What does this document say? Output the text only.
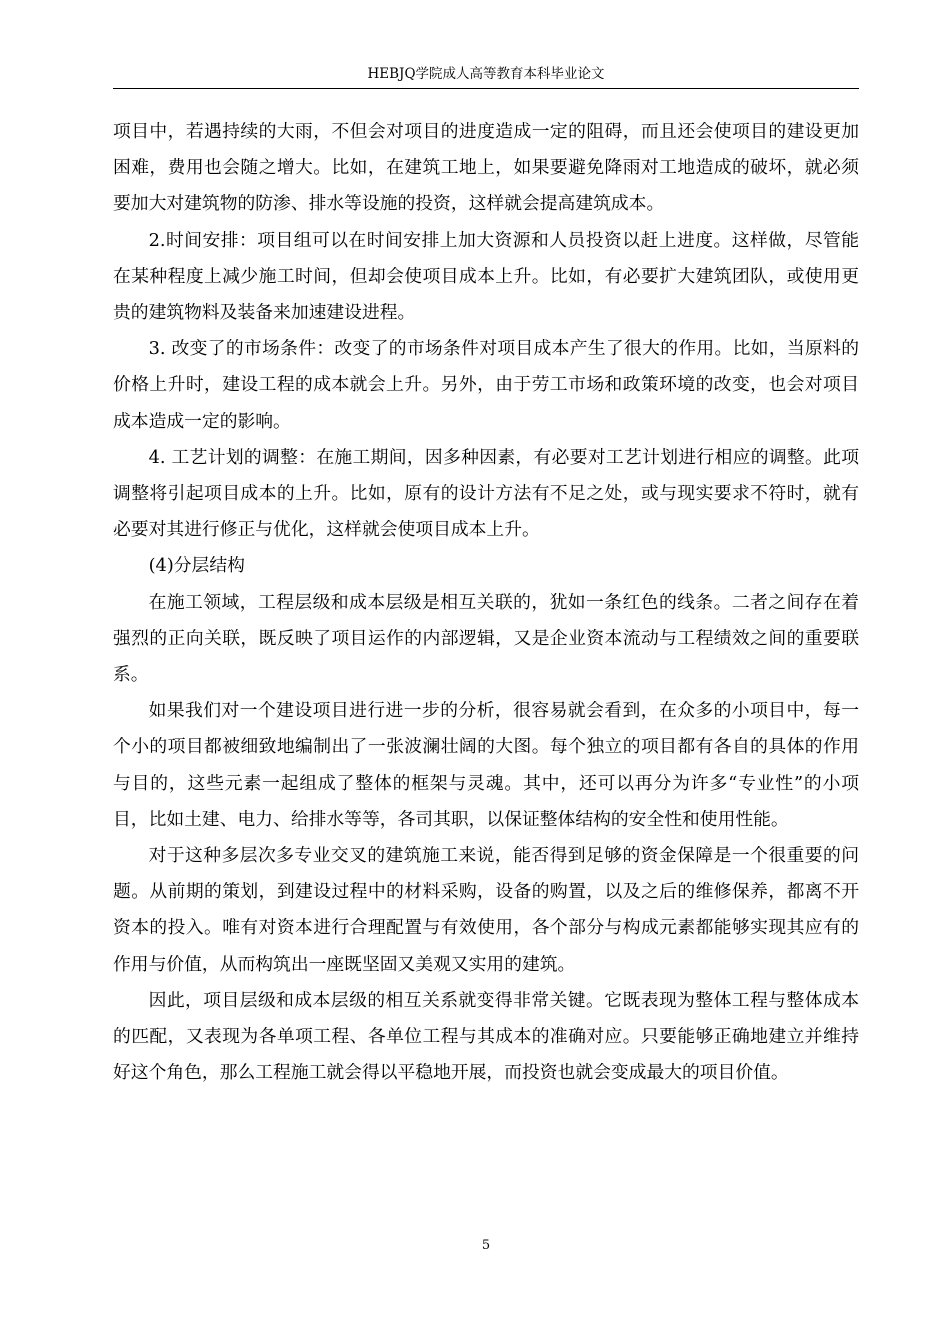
HEBJQ学院成人高等教育本科毕业论文

项目中，若遇持续的大雨，不但会对项目的进度造成一定的阻碍，而且还会使项目的建设更加困难，费用也会随之增大。比如，在建筑工地上，如果要避免降雨对工地造成的破坏，就必须要加大对建筑物的防渗、排水等设施的投资，这样就会提高建筑成本。

2.时间安排：项目组可以在时间安排上加大资源和人员投资以赶上进度。这样做，尽管能在某种程度上减少施工时间，但却会使项目成本上升。比如，有必要扩大建筑团队，或使用更贵的建筑物料及装备来加速建设进程。

3. 改变了的市场条件：改变了的市场条件对项目成本产生了很大的作用。比如，当原料的价格上升时，建设工程的成本就会上升。另外，由于劳工市场和政策环境的改变，也会对项目成本造成一定的影响。

4. 工艺计划的调整：在施工期间，因多种因素，有必要对工艺计划进行相应的调整。此项调整将引起项目成本的上升。比如，原有的设计方法有不足之处，或与现实要求不符时，就有必要对其进行修正与优化，这样就会使项目成本上升。

(4)分层结构

在施工领域，工程层级和成本层级是相互关联的，犹如一条红色的线条。二者之间存在着强烈的正向关联，既反映了项目运作的内部逻辑，又是企业资本流动与工程绩效之间的重要联系。

如果我们对一个建设项目进行进一步的分析，很容易就会看到，在众多的小项目中，每一个小的项目都被细致地编制出了一张波澜壮阔的大图。每个独立的项目都有各自的具体的作用与目的，这些元素一起组成了整体的框架与灵魂。其中，还可以再分为许多“专业性”的小项目，比如土建、电力、给排水等等，各司其职，以保证整体结构的安全性和使用性能。

对于这种多层次多专业交叉的建筑施工来说，能否得到足够的资金保障是一个很重要的问题。从前期的策划，到建设过程中的材料采购，设备的购置，以及之后的维修保养，都离不开资本的投入。唯有对资本进行合理配置与有效使用，各个部分与构成元素都能够实现其应有的作用与价值，从而构筑出一座既坚固又美观又实用的建筑。

因此，项目层级和成本层级的相互关系就变得非常关键。它既表现为整体工程与整体成本的匹配，又表现为各单项工程、各单位工程与其成本的准确对应。只要能够正确地建立并维持好这个角色，那么工程施工就会得以平稳地开展，而投资也就会变成最大的项目价值。

5
